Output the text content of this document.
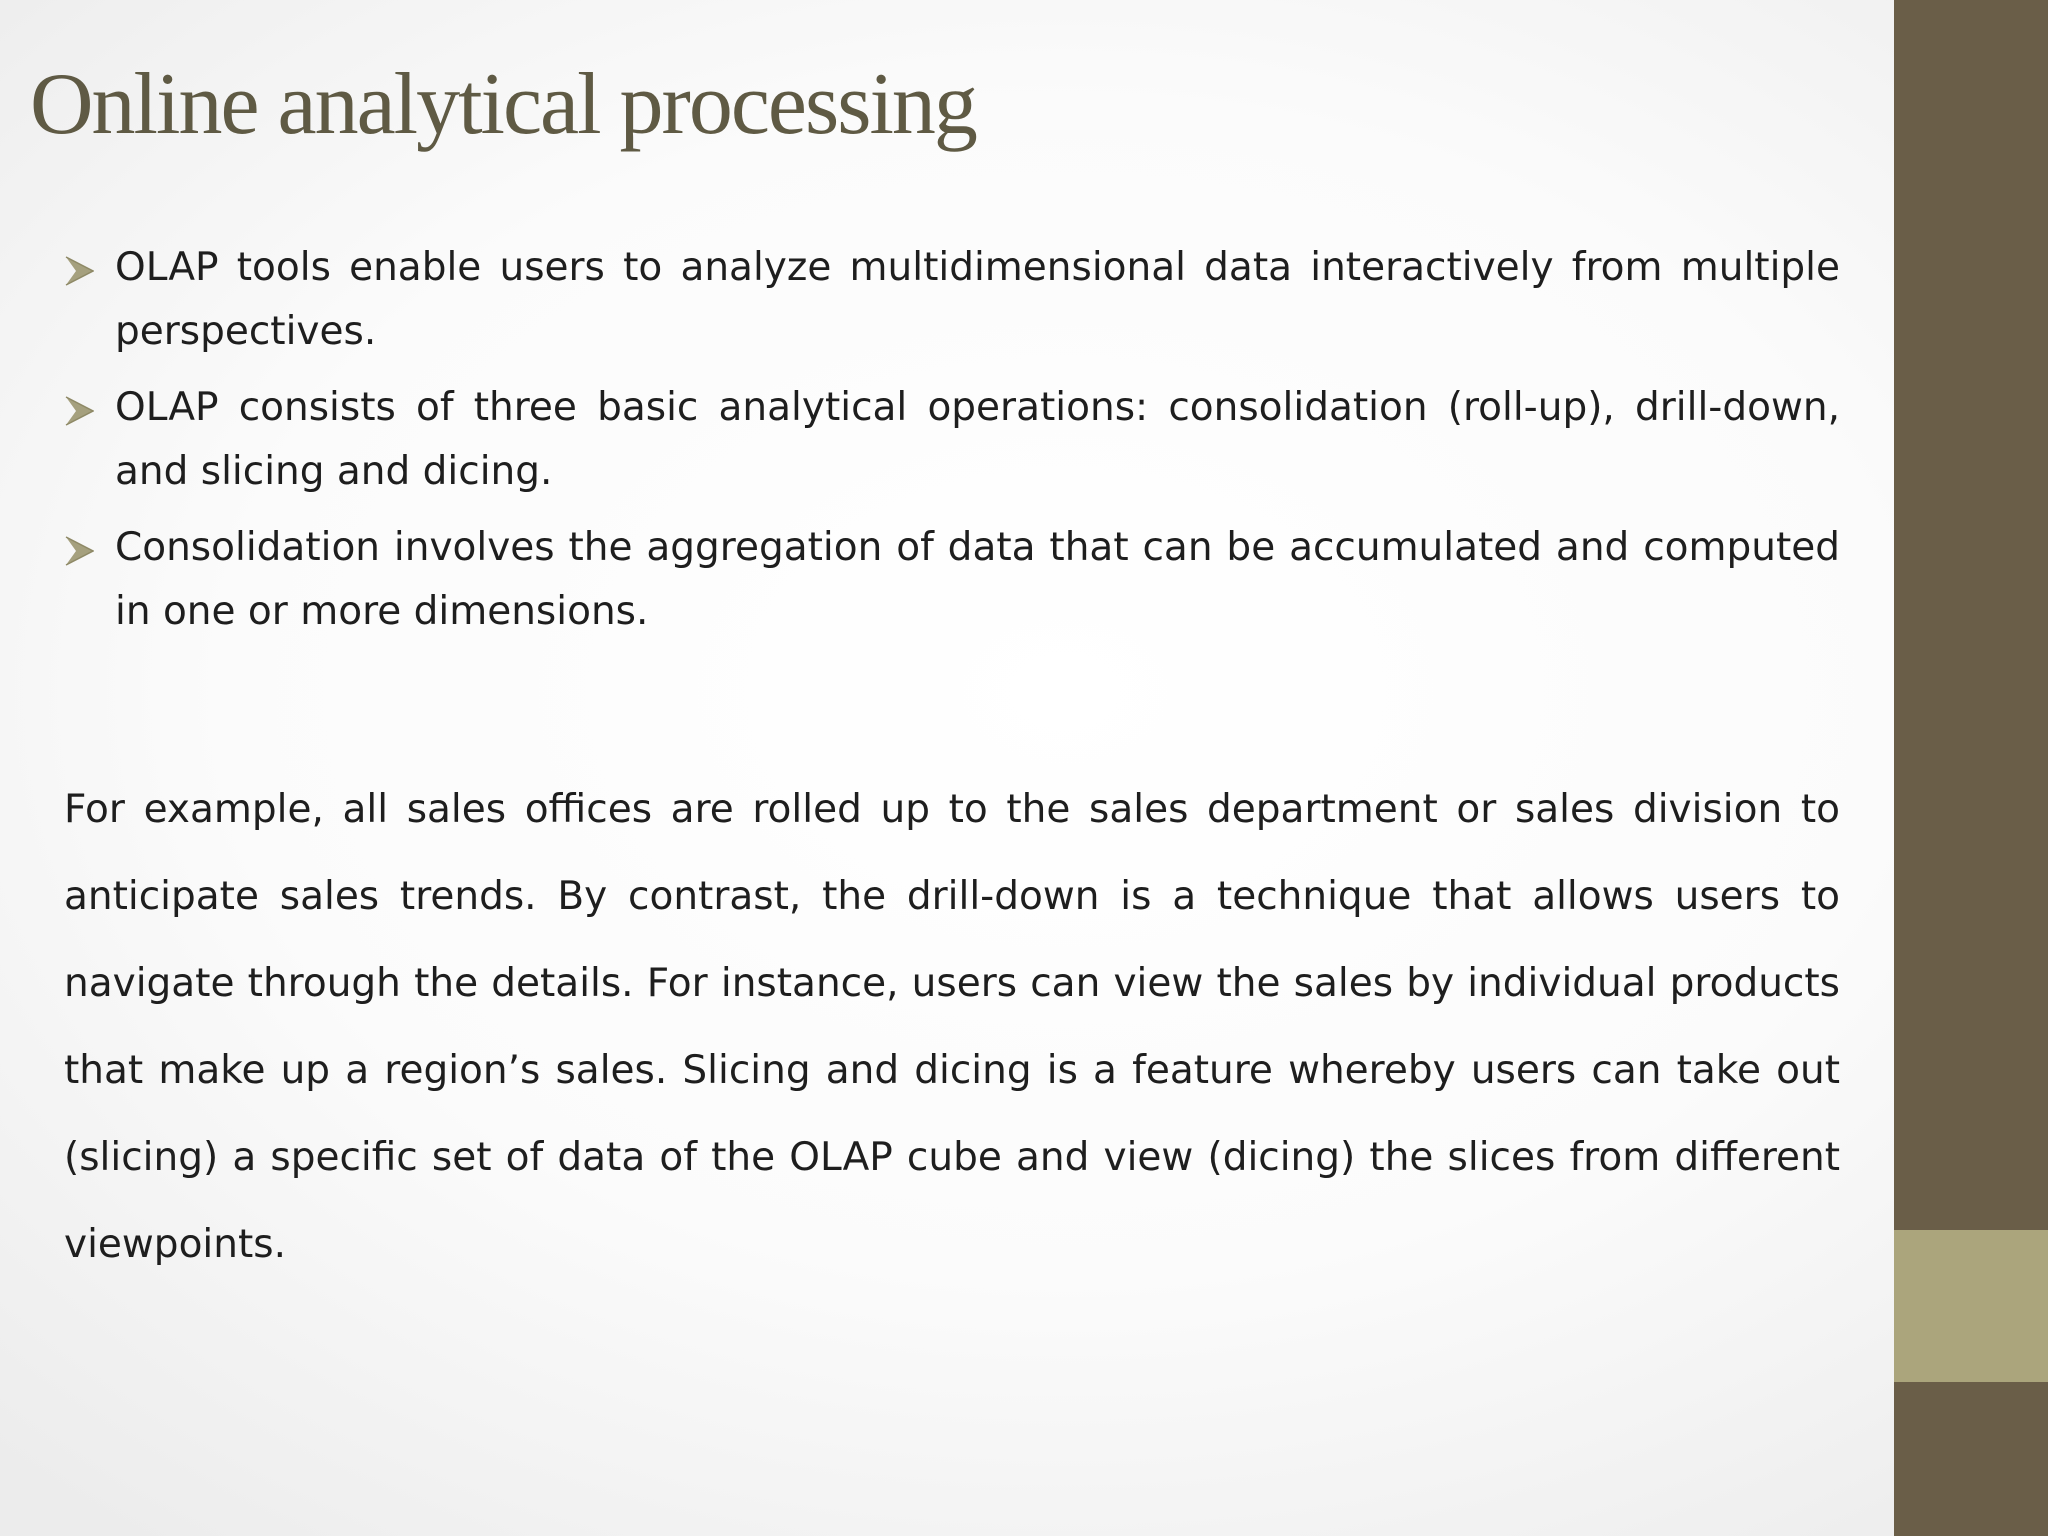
Online analytical processing
OLAP tools enable users to analyze multidimensional data interactively from multiple perspectives.
OLAP consists of three basic analytical operations: consolidation (roll-up), drill-down, and slicing and dicing.
Consolidation involves the aggregation of data that can be accumulated and computed in one or more dimensions.

For example, all sales offices are rolled up to the sales department or sales division to anticipate sales trends. By contrast, the drill-down is a technique that allows users to navigate through the details. For instance, users can view the sales by individual products that make up a region’s sales. Slicing and dicing is a feature whereby users can take out (slicing) a specific set of data of the OLAP cube and view (dicing) the slices from different viewpoints.
